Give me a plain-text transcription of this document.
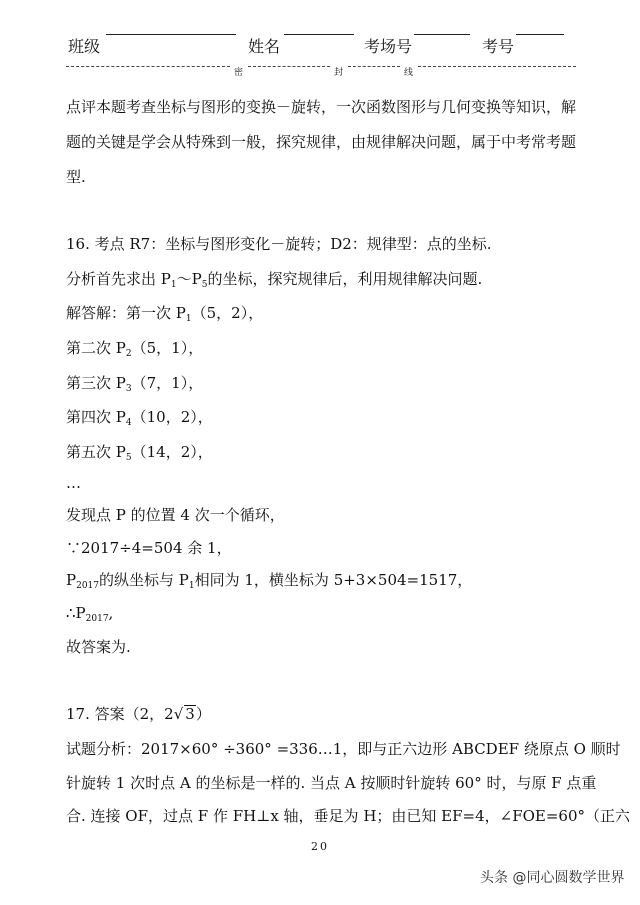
班级	姓名	考场号	考号
密	封	线
点评本题考查坐标与图形的变换－旋转，一次函数图形与几何变换等知识，解
题的关键是学会从特殊到一般，探究规律，由规律解决问题，属于中考常考题
型.
16. 考点 R7：坐标与图形变化－旋转；D2：规律型：点的坐标.
分析首先求出 $P_1\sim P_5$的坐标，探究规律后，利用规律解决问题.
解答解：第一次 $P_1(5$，2），
第二次 $P_2(5$，1），
第三次 $P_3(7$，1），
第四次 $P_4(10$，2），
第五次 $P_5(14$，2），
…
发现点 P 的位置 4 次一个循环，
∵2017÷4=504 余 1，
$P_{2017}$的纵坐标与 $P_1$相同为 1，横坐标为 5+3×504=1517，
$\therefore P_{2017}$,
故答案为.
17. 答案（2，2√ 3）
试题分析：2017×60° ÷360° =336…1，即与正六边形 ABCDEF 绕原点 O 顺时
针旋转 1 次时点 A 的坐标是一样的. 当点 A 按顺时针旋转 60° 时，与原 F 点重
合. 连接 OF，过点 F 作 FH⊥x 轴，垂足为 H；由已知 EF=4，∠FOE=60°（正六
20
头条 @同心圆数学世界
